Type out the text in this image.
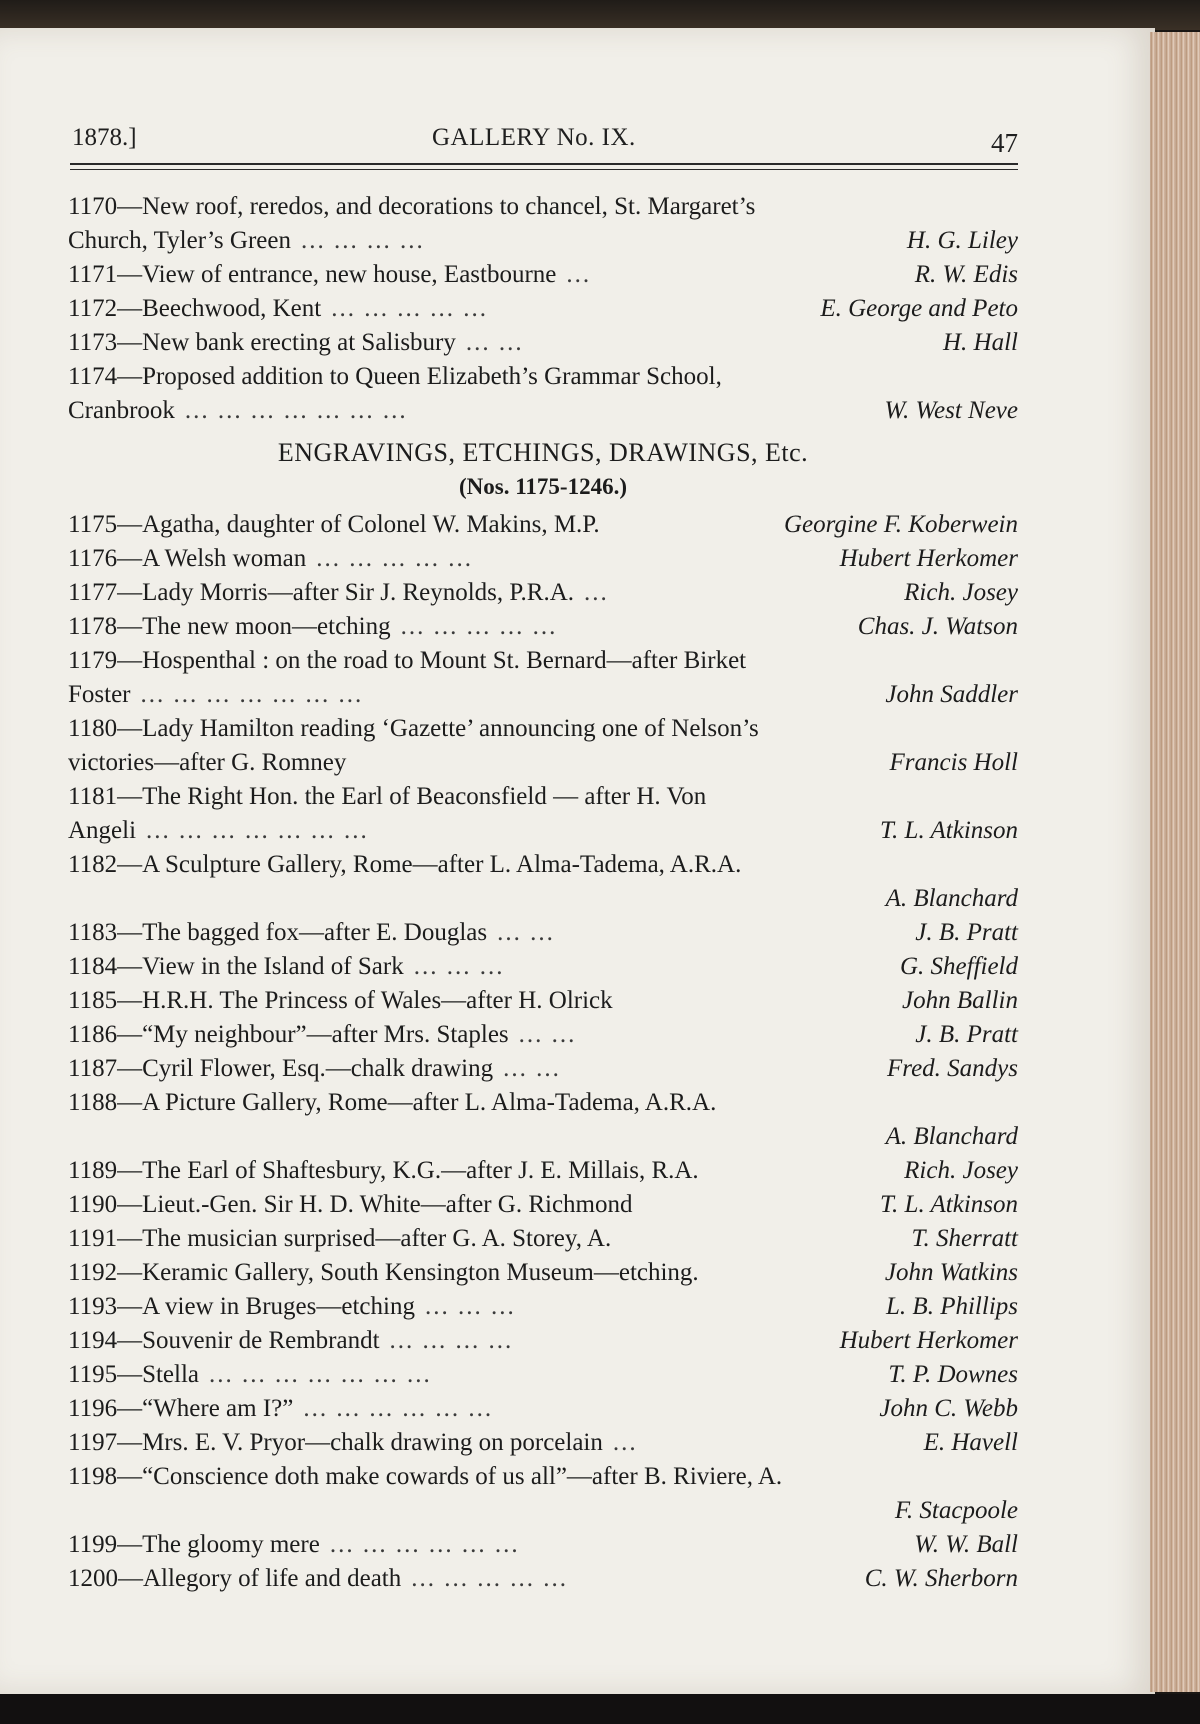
1878.]	GALLERY No. IX.	47
1170—New roof, reredos, and decorations to chancel, St. Margaret’s
Church, Tyler’s Green ... ... ... ...	H. G. Liley
1171—View of entrance, new house, Eastbourne ...	R. W. Edis
1172—Beechwood, Kent ... ... ... ... ...	E. George and Peto
1173—New bank erecting at Salisbury ... ...	H. Hall
1174—Proposed addition to Queen Elizabeth’s Grammar School,
Cranbrook ... ... ... ... ... ... ...	W. West Neve
ENGRAVINGS, ETCHINGS, DRAWINGS, Etc.
(Nos. 1175-1246.)
1175—Agatha, daughter of Colonel W. Makins, M.P.	Georgine F. Koberwein
1176—A Welsh woman ... ... ... ... ...	Hubert Herkomer
1177—Lady Morris—after Sir J. Reynolds, P.R.A. ...	Rich. Josey
1178—The new moon—etching ... ... ... ... ...	Chas. J. Watson
1179—Hospenthal : on the road to Mount St. Bernard—after Birket
Foster ... ... ... ... ... ... ...	John Saddler
1180—Lady Hamilton reading ‘Gazette’ announcing one of Nelson’s
victories—after G. Romney	Francis Holl
1181—The Right Hon. the Earl of Beaconsfield — after H. Von
Angeli ... ... ... ... ... ... ...	T. L. Atkinson
1182—A Sculpture Gallery, Rome—after L. Alma-Tadema, A.R.A.
A. Blanchard
1183—The bagged fox—after E. Douglas ... ...	J. B. Pratt
1184—View in the Island of Sark ... ... ...	G. Sheffield
1185—H.R.H. The Princess of Wales—after H. Olrick	John Ballin
1186—“My neighbour”—after Mrs. Staples ... ...	J. B. Pratt
1187—Cyril Flower, Esq.—chalk drawing ... ...	Fred. Sandys
1188—A Picture Gallery, Rome—after L. Alma-Tadema, A.R.A.
A. Blanchard
1189—The Earl of Shaftesbury, K.G.—after J. E. Millais, R.A.	Rich. Josey
1190—Lieut.-Gen. Sir H. D. White—after G. Richmond	T. L. Atkinson
1191—The musician surprised—after G. A. Storey, A.	T. Sherratt
1192—Keramic Gallery, South Kensington Museum—etching.	John Watkins
1193—A view in Bruges—etching ... ... ...	L. B. Phillips
1194—Souvenir de Rembrandt ... ... ... ...	Hubert Herkomer
1195—Stella ... ... ... ... ... ... ...	T. P. Downes
1196—“Where am I?” ... ... ... ... ... ...	John C. Webb
1197—Mrs. E. V. Pryor—chalk drawing on porcelain ...	E. Havell
1198—“Conscience doth make cowards of us all”—after B. Riviere, A.
F. Stacpoole
1199—The gloomy mere ... ... ... ... ... ...	W. W. Ball
1200—Allegory of life and death ... ... ... ... ...	C. W. Sherborn
